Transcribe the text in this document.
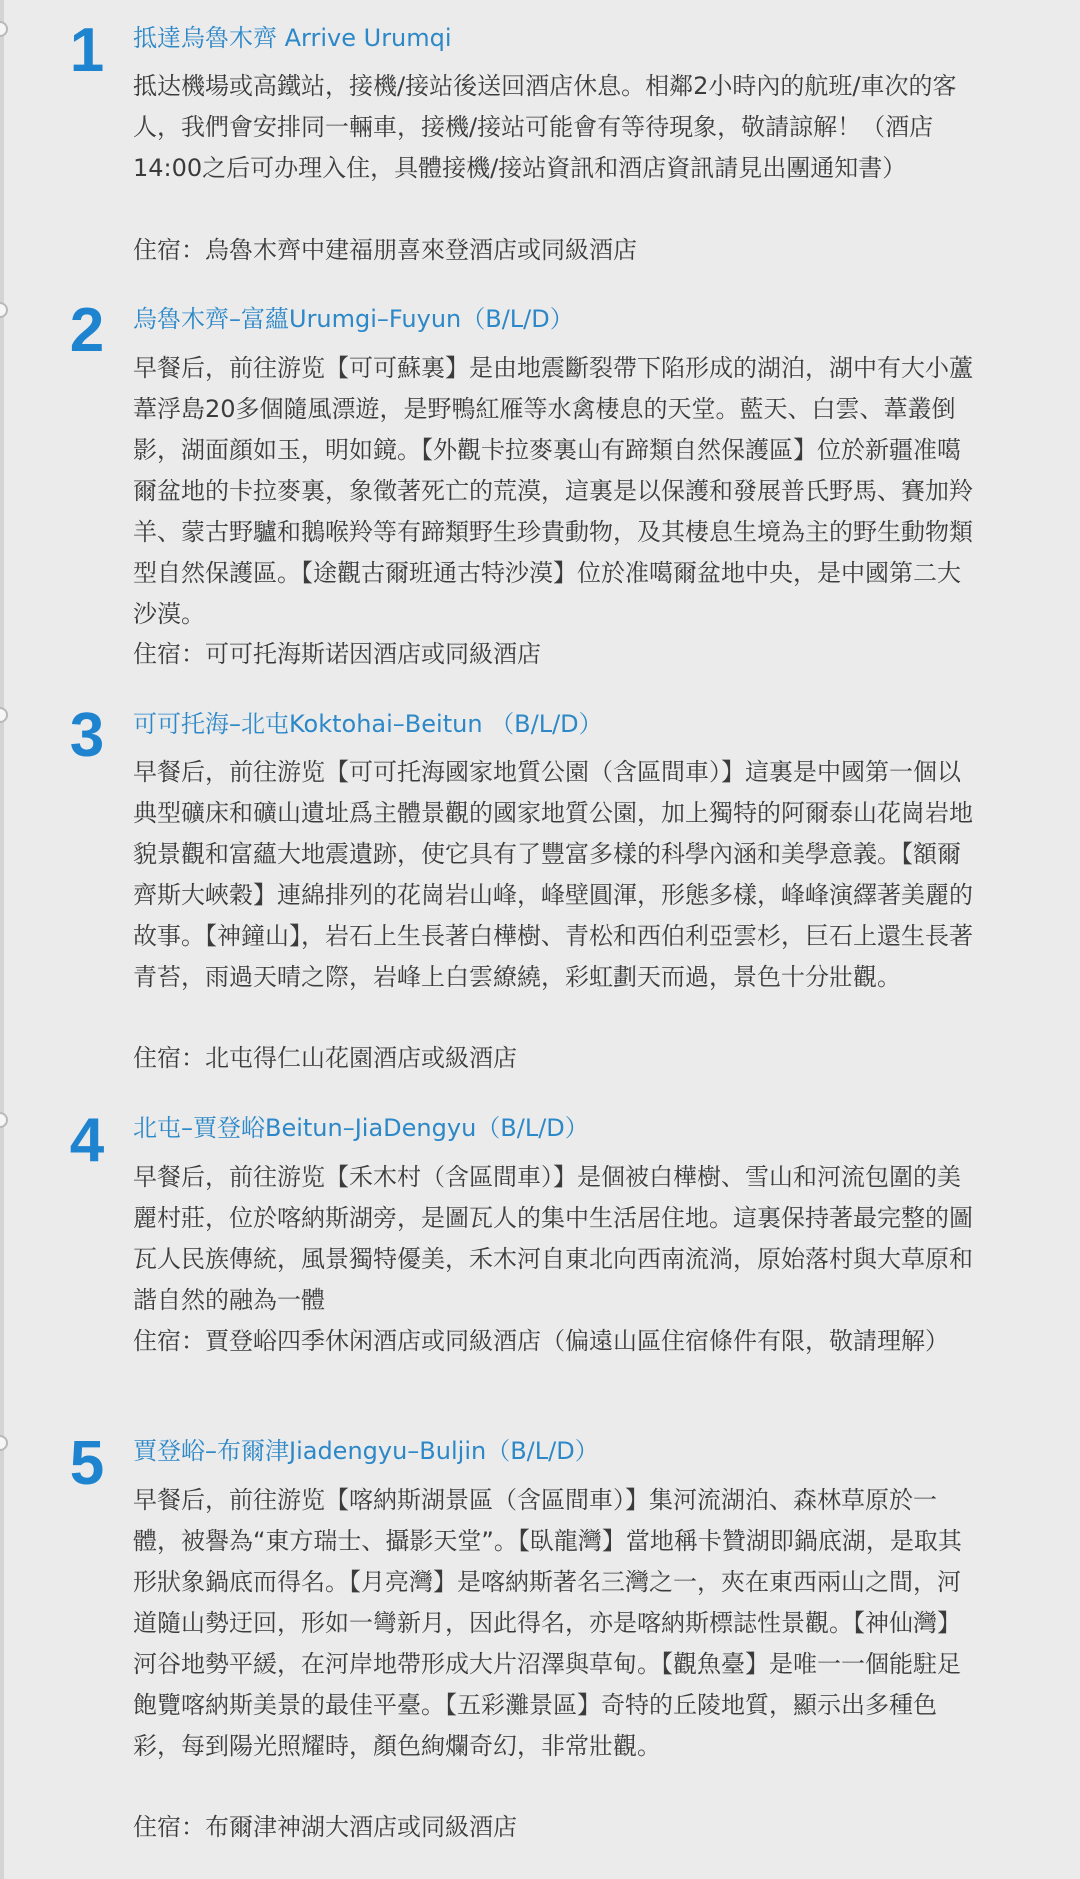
1	抵達烏魯木齊 Arrive Urumqi

抵达機場或高鐵站，接機/接站後送回酒店休息。相鄰2小時內的航班/車次的客人，我們會安排同一輛車，接機/接站可能會有等待現象，敬請諒解！（酒店14:00之后可办理入住，具體接機/接站資訊和酒店資訊請見出團通知書）

住宿：烏魯木齊中建福朋喜來登酒店或同級酒店

2	烏魯木齊–富蘊Urumgi–Fuyun（B/L/D）

早餐后，前往游览【可可蘇裏】是由地震斷裂帶下陷形成的湖泊，湖中有大小蘆葦浮島20多個隨風漂遊，是野鴨紅雁等水禽棲息的天堂。藍天、白雲、葦叢倒影，湖面顔如玉，明如鏡。【外觀卡拉麥裏山有蹄類自然保護區】位於新疆准噶爾盆地的卡拉麥裏，象徵著死亡的荒漠，這裏是以保護和發展普氏野馬、賽加羚羊、蒙古野驢和鵝喉羚等有蹄類野生珍貴動物，及其棲息生境為主的野生動物類型自然保護區。【途觀古爾班通古特沙漠】位於准噶爾盆地中央，是中國第二大沙漠。

住宿：可可托海斯诺因酒店或同級酒店

3	可可托海–北屯Koktohai–Beitun （B/L/D）

早餐后，前往游览【可可托海國家地質公園（含區間車）】這裏是中國第一個以典型礦床和礦山遺址爲主體景觀的國家地質公園，加上獨特的阿爾泰山花崗岩地貌景觀和富蘊大地震遺跡，使它具有了豐富多樣的科學內涵和美學意義。【額爾齊斯大峽穀】連綿排列的花崗岩山峰，峰壁圓渾，形態多樣，峰峰演繹著美麗的故事。【神鐘山】，岩石上生長著白樺樹、青松和西伯利亞雲杉，巨石上還生長著青苔，雨過天晴之際，岩峰上白雲繚繞，彩虹劃天而過，景色十分壯觀。

住宿：北屯得仁山花園酒店或級酒店

4	北屯–賈登峪Beitun–JiaDengyu（B/L/D）

早餐后，前往游览【禾木村（含區間車）】是個被白樺樹、雪山和河流包圍的美麗村莊，位於喀納斯湖旁，是圖瓦人的集中生活居住地。這裏保持著最完整的圖瓦人民族傳統，風景獨特優美，禾木河自東北向西南流淌，原始落村與大草原和諧自然的融為一體

住宿：賈登峪四季休闲酒店或同級酒店（偏遠山區住宿條件有限，敬請理解）

5	賈登峪–布爾津Jiadengyu–Buljin（B/L/D）

早餐后，前往游览【喀納斯湖景區（含區間車）】集河流湖泊、森林草原於一體，被譽為“東方瑞士、攝影天堂”。【臥龍灣】當地稱卡贊湖即鍋底湖，是取其形狀象鍋底而得名。【月亮灣】是喀納斯著名三灣之一，夾在東西兩山之間，河道隨山勢迂回，形如一彎新月，因此得名，亦是喀納斯標誌性景觀。【神仙灣】河谷地勢平緩，在河岸地帶形成大片沼澤與草甸。【觀魚臺】是唯一一個能駐足飽覽喀納斯美景的最佳平臺。【五彩灘景區】奇特的丘陵地質，顯示出多種色彩，每到陽光照耀時，顏色絢爛奇幻，非常壯觀。

住宿：布爾津神湖大酒店或同級酒店
